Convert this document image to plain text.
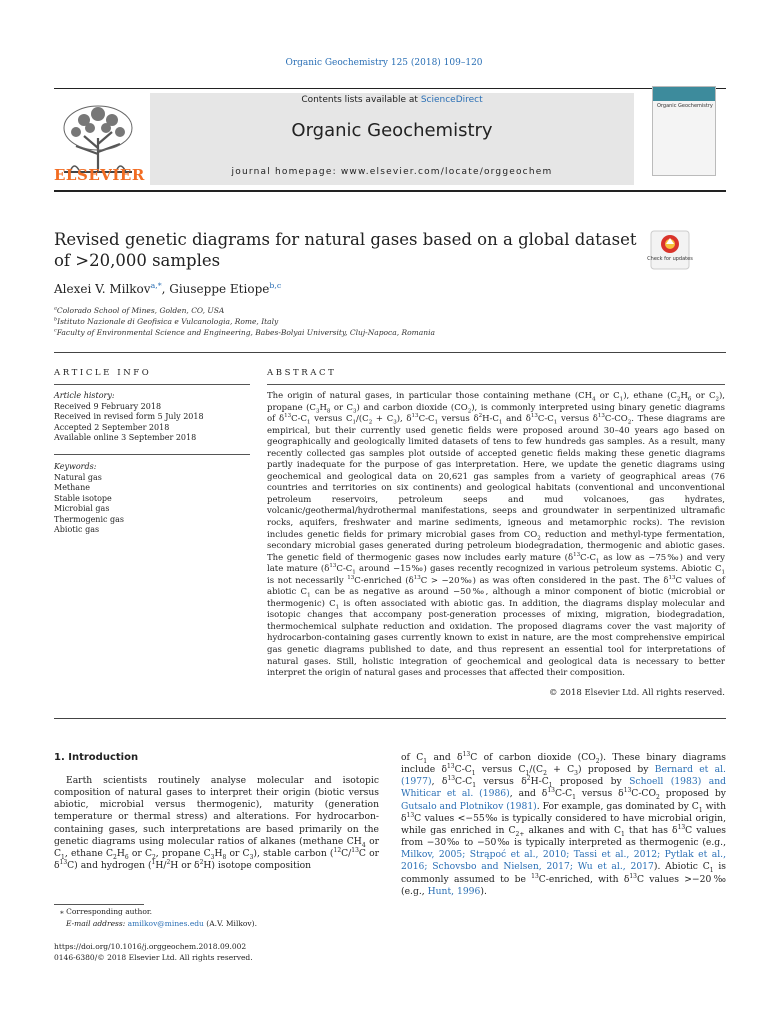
Organic Geochemistry 125 (2018) 109–120
ELSEVIER
Contents lists available at ScienceDirect
Organic Geochemistry
journal homepage: www.elsevier.com/locate/orggeochem
Organic Geochemistry
Revised genetic diagrams for natural gases based on a global dataset of >20,000 samples	Check for updates
Alexei V. Milkov$^{a,*}$, Giuseppe Etiope$^{b,c}$
$^a$Colorado School of Mines, Golden, CO, USA
$^b$Istituto Nazionale di Geofisica e Vulcanologia, Rome, Italy
$^c$Faculty of Environmental Science and Engineering, Babes-Bolyai University, Cluj-Napoca, Romania
ARTICLE INFO
Article history:
Received 9 February 2018
Received in revised form 5 July 2018
Accepted 2 September 2018
Available online 3 September 2018
Keywords:
Natural gas
Methane
Stable isotope
Microbial gas
Thermogenic gas
Abiotic gas
ABSTRACT
The origin of natural gases, in particular those containing methane ($CH_4$ or $C_1$), ethane ($C_2H_6$ or $C_2$), propane ($C_3H_8$ or $C_3$) and carbon dioxide $(CO_2)$, is commonly interpreted using binary genetic diagrams of $\delta^{13}C-C_1$ versus $C_1/(C_2 + C_3)$, $\delta^{13}C-C_1$ versus $\delta^2H-C_1$ and $\delta^{13}C-C_1$ versus $\delta^{13}C-CO_2$. These diagrams are empirical, but their currently used genetic fields were proposed around 30–40 years ago based on geographically and geologically limited datasets of tens to few hundreds gas samples. As a result, many recently collected gas samples plot outside of accepted genetic fields making these genetic diagrams partly inadequate for the purpose of gas interpretation. Here, we update the genetic diagrams using geochemical and geological data on 20,621 gas samples from a variety of geographical areas (76 countries and territories on six continents) and geological habitats (conventional and unconventional petroleum reservoirs, petroleum seeps and mud volcanoes, gas hydrates, volcanic/geothermal/hydrothermal manifestations, seeps and groundwater in serpentinized ultramafic rocks, aquifers, freshwater and marine sediments, igneous and metamorphic rocks). The revision includes genetic fields for primary microbial gases from $CO_2$ reduction and methyl-type fermentation, secondary microbial gases generated during petroleum biodegradation, thermogenic and abiotic gases. The genetic field of thermogenic gases now includes early mature ($\delta^{13}C-C_1$ as low as −75‰) and very late mature ($\delta^{13}C-C_1$ around −15‰) gases recently recognized in various petroleum systems. Abiotic $C_1$ is not necessarily $^{13}$C-enriched ($\delta^{13}C$ > −20‰) as was often considered in the past. The $\delta^{13}C$ values of abiotic $C_1$ can be as negative as around −50‰, although a minor component of biotic (microbial or thermogenic) $C_1$ is often associated with abiotic gas. In addition, the diagrams display molecular and isotopic changes that accompany post-generation processes of mixing, migration, biodegradation, thermochemical sulphate reduction and oxidation. The proposed diagrams cover the vast majority of hydrocarbon-containing gases currently known to exist in nature, are the most comprehensive empirical gas genetic diagrams published to date, and thus represent an essential tool for interpretations of natural gases. Still, holistic integration of geochemical and geological data is necessary to better interpret the origin of natural gases and processes that affected their composition.
© 2018 Elsevier Ltd. All rights reserved.
1. Introduction
Earth scientists routinely analyse molecular and isotopic composition of natural gases to interpret their origin (biotic versus abiotic, microbial versus thermogenic), maturity (generation temperature or thermal stress) and alterations. For hydrocarbon-containing gases, such interpretations are based primarily on the genetic diagrams using molecular ratios of alkanes (methane $CH_4$ or $C_1$, ethane $C_2H_6$ or $C_2$, propane $C_3H_8$ or $C_3$), stable carbon ($^{12}$C/$^{13}$C or $\delta^{13}C$) and hydrogen ($^1$H/$^2$H or $\delta^2H$) isotope composition
of $C_1$ and $\delta^{13}C$ of carbon dioxide $(CO_2)$. These binary diagrams include $\delta^{13}C-C_1$ versus $C_1/(C_2 + C_3)$ proposed by Bernard et al. (1977), $\delta^{13}C-C_1$ versus $\delta^2H-C_1$ proposed by Schoell (1983) and Whiticar et al. (1986), and $\delta^{13}C-C_1$ versus $\delta^{13}C-CO_2$ proposed by Gutsalo and Plotnikov (1981). For example, gas dominated by $C_1$ with $\delta^{13}C$ values <−55‰ is typically considered to have microbial origin, while gas enriched in $C_{2+}$ alkanes and with $C_1$ that has $\delta^{13}C$ values from −30‰ to −50‰ is typically interpreted as thermogenic (e.g., Milkov, 2005; Strąpoć et al., 2010; Tassi et al., 2012; Pytlak et al., 2016; Schovsbo and Nielsen, 2017; Wu et al., 2017). Abiotic $C_1$ is commonly assumed to be $^{13}$C-enriched, with $\delta^{13}C$ values >−20‰ (e.g., Hunt, 1996).
⁎ Corresponding author.
E-mail address: amilkov@mines.edu (A.V. Milkov).
https://doi.org/10.1016/j.orggeochem.2018.09.002
0146-6380/© 2018 Elsevier Ltd. All rights reserved.
